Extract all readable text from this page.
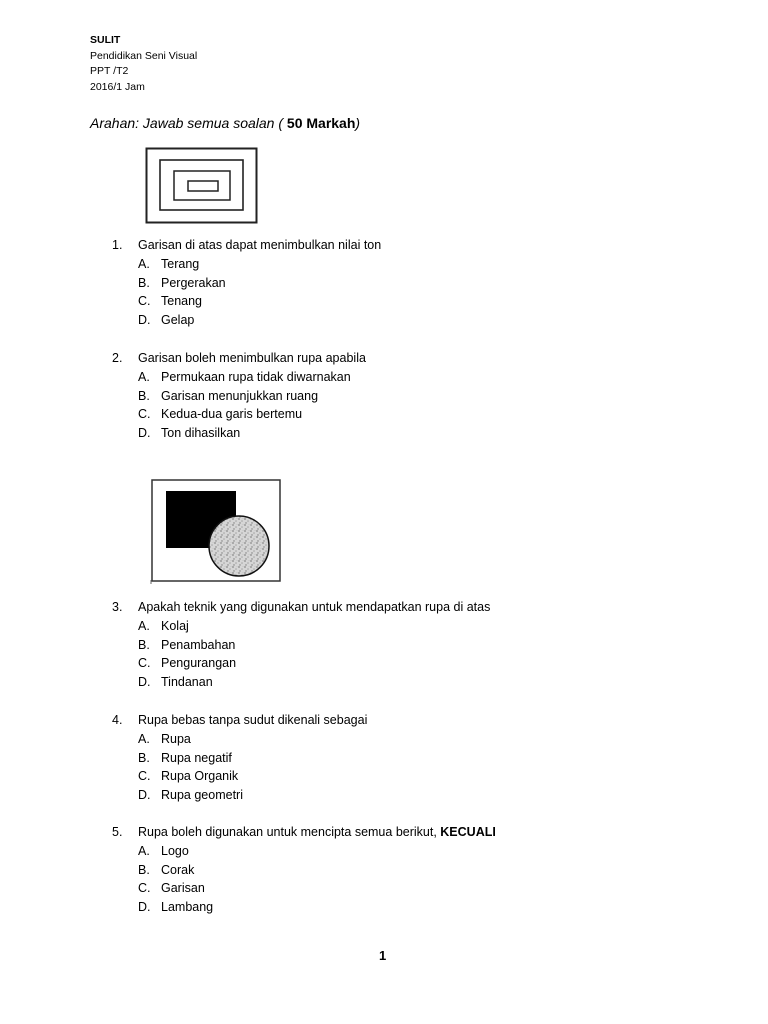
SULIT
Pendidikan Seni Visual
PPT /T2
2016/1 Jam
Arahan: Jawab semua soalan ( 50 Markah)
1.	Garisan di atas dapat menimbulkan nilai ton
A. Terang
B. Pergerakan
C. Tenang
D. Gelap
2.	Garisan boleh menimbulkan rupa apabila
A. Permukaan rupa tidak diwarnakan
B. Garisan menunjukkan ruang
C. Kedua-dua garis bertemu
D. Ton dihasilkan
3.	Apakah teknik yang digunakan untuk mendapatkan rupa di atas
A. Kolaj
B. Penambahan
C. Pengurangan
D. Tindanan
4.	Rupa bebas tanpa sudut dikenali sebagai
A. Rupa
B. Rupa negatif
C. Rupa Organik
D. Rupa geometri
5.	Rupa boleh digunakan untuk mencipta semua berikut, KECUALI
A. Logo
B. Corak
C. Garisan
D. Lambang
1
